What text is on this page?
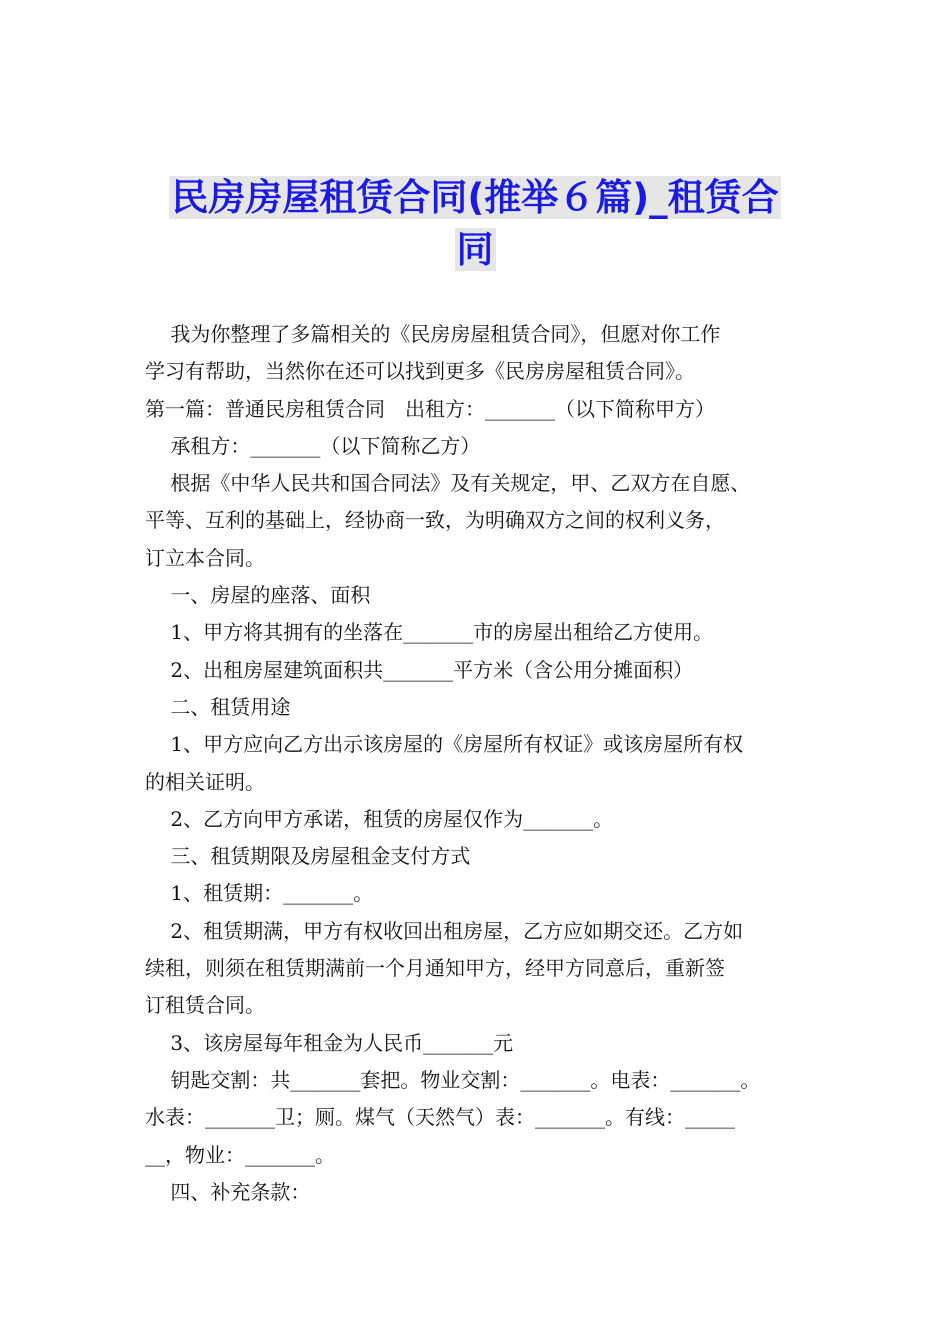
民房房屋租赁合同(推举６篇)_租赁合
同

我为你整理了多篇相关的《民房房屋租赁合同》，但愿对你工作

学习有帮助，当然你在还可以找到更多《民房房屋租赁合同》。

第一篇：普通民房租赁合同　出租方：_______（以下简称甲方）

承租方：_______（以下简称乙方）

根据《中华人民共和国合同法》及有关规定，甲、乙双方在自愿、

平等、互利的基础上，经协商一致，为明确双方之间的权利义务，

订立本合同。

一、房屋的座落、面积

1、甲方将其拥有的坐落在_______市的房屋出租给乙方使用。

2、出租房屋建筑面积共_______平方米（含公用分摊面积）

二、租赁用途

1、甲方应向乙方出示该房屋的《房屋所有权证》或该房屋所有权

的相关证明。

2、乙方向甲方承诺，租赁的房屋仅作为_______。

三、租赁期限及房屋租金支付方式

1、租赁期：_______。

2、租赁期满，甲方有权收回出租房屋，乙方应如期交还。乙方如

续租，则须在租赁期满前一个月通知甲方，经甲方同意后，重新签

订租赁合同。

3、该房屋每年租金为人民币_______元

钥匙交割：共_______套把。物业交割：_______。电表：_______。

水表：_______卫；厕。煤气（天然气）表：_______。有线：_____

__，物业：_______。

四、补充条款：
